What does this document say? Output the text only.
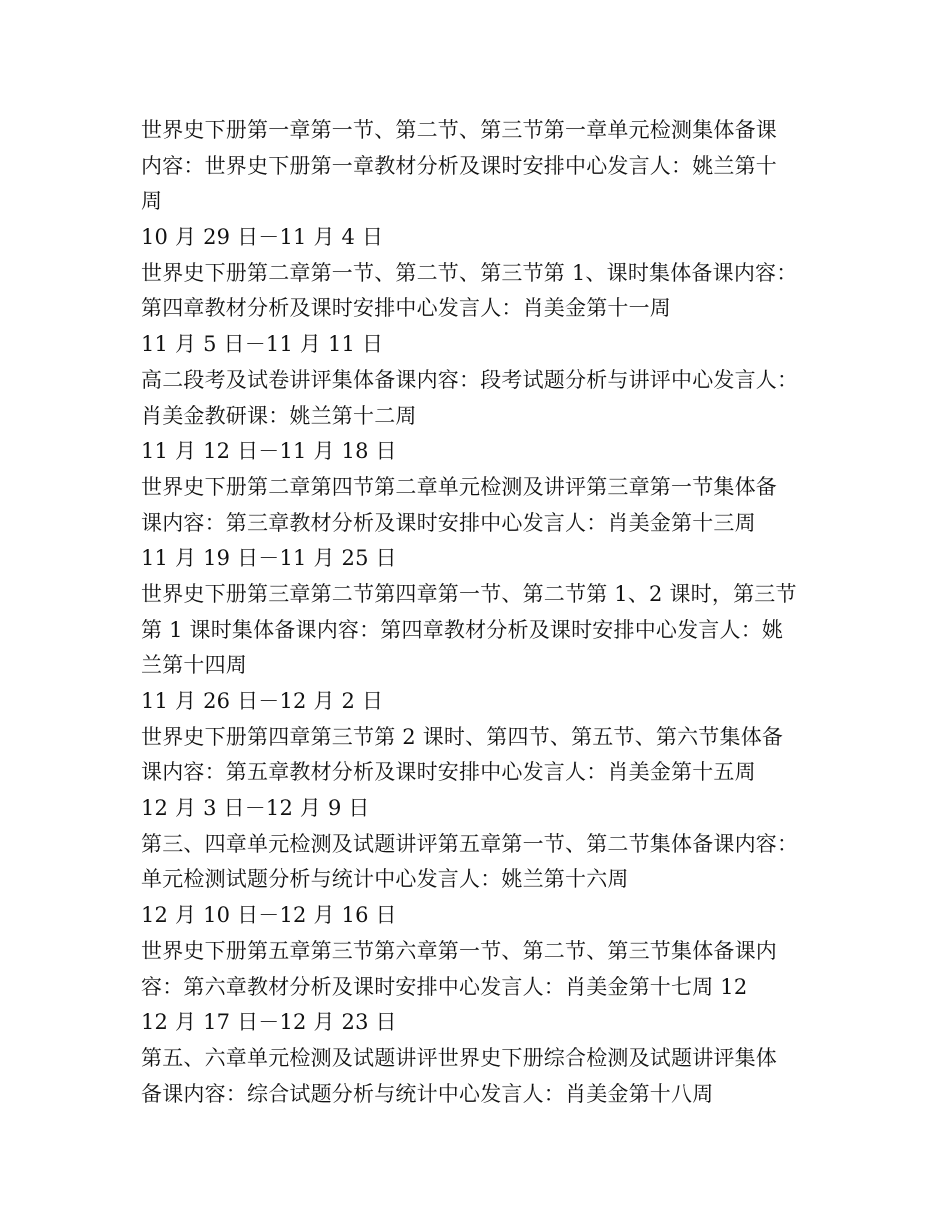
世界史下册第一章第一节、第二节、第三节第一章单元检测集体备课
内容：世界史下册第一章教材分析及课时安排中心发言人：姚兰第十
周
10 月 29 日－11 月 4 日
世界史下册第二章第一节、第二节、第三节第 1、课时集体备课内容：
第四章教材分析及课时安排中心发言人：肖美金第十一周
11 月 5 日－11 月 11 日
高二段考及试卷讲评集体备课内容：段考试题分析与讲评中心发言人：
肖美金教研课：姚兰第十二周
11 月 12 日－11 月 18 日
世界史下册第二章第四节第二章单元检测及讲评第三章第一节集体备
课内容：第三章教材分析及课时安排中心发言人：肖美金第十三周
11 月 19 日－11 月 25 日
世界史下册第三章第二节第四章第一节、第二节第 1、2 课时，第三节
第 1 课时集体备课内容：第四章教材分析及课时安排中心发言人：姚
兰第十四周
11 月 26 日－12 月 2 日
世界史下册第四章第三节第 2 课时、第四节、第五节、第六节集体备
课内容：第五章教材分析及课时安排中心发言人：肖美金第十五周
12 月 3 日－12 月 9 日
第三、四章单元检测及试题讲评第五章第一节、第二节集体备课内容：
单元检测试题分析与统计中心发言人：姚兰第十六周
12 月 10 日－12 月 16 日
世界史下册第五章第三节第六章第一节、第二节、第三节集体备课内
容：第六章教材分析及课时安排中心发言人：肖美金第十七周 12
12 月 17 日－12 月 23 日
第五、六章单元检测及试题讲评世界史下册综合检测及试题讲评集体
备课内容：综合试题分析与统计中心发言人：肖美金第十八周
